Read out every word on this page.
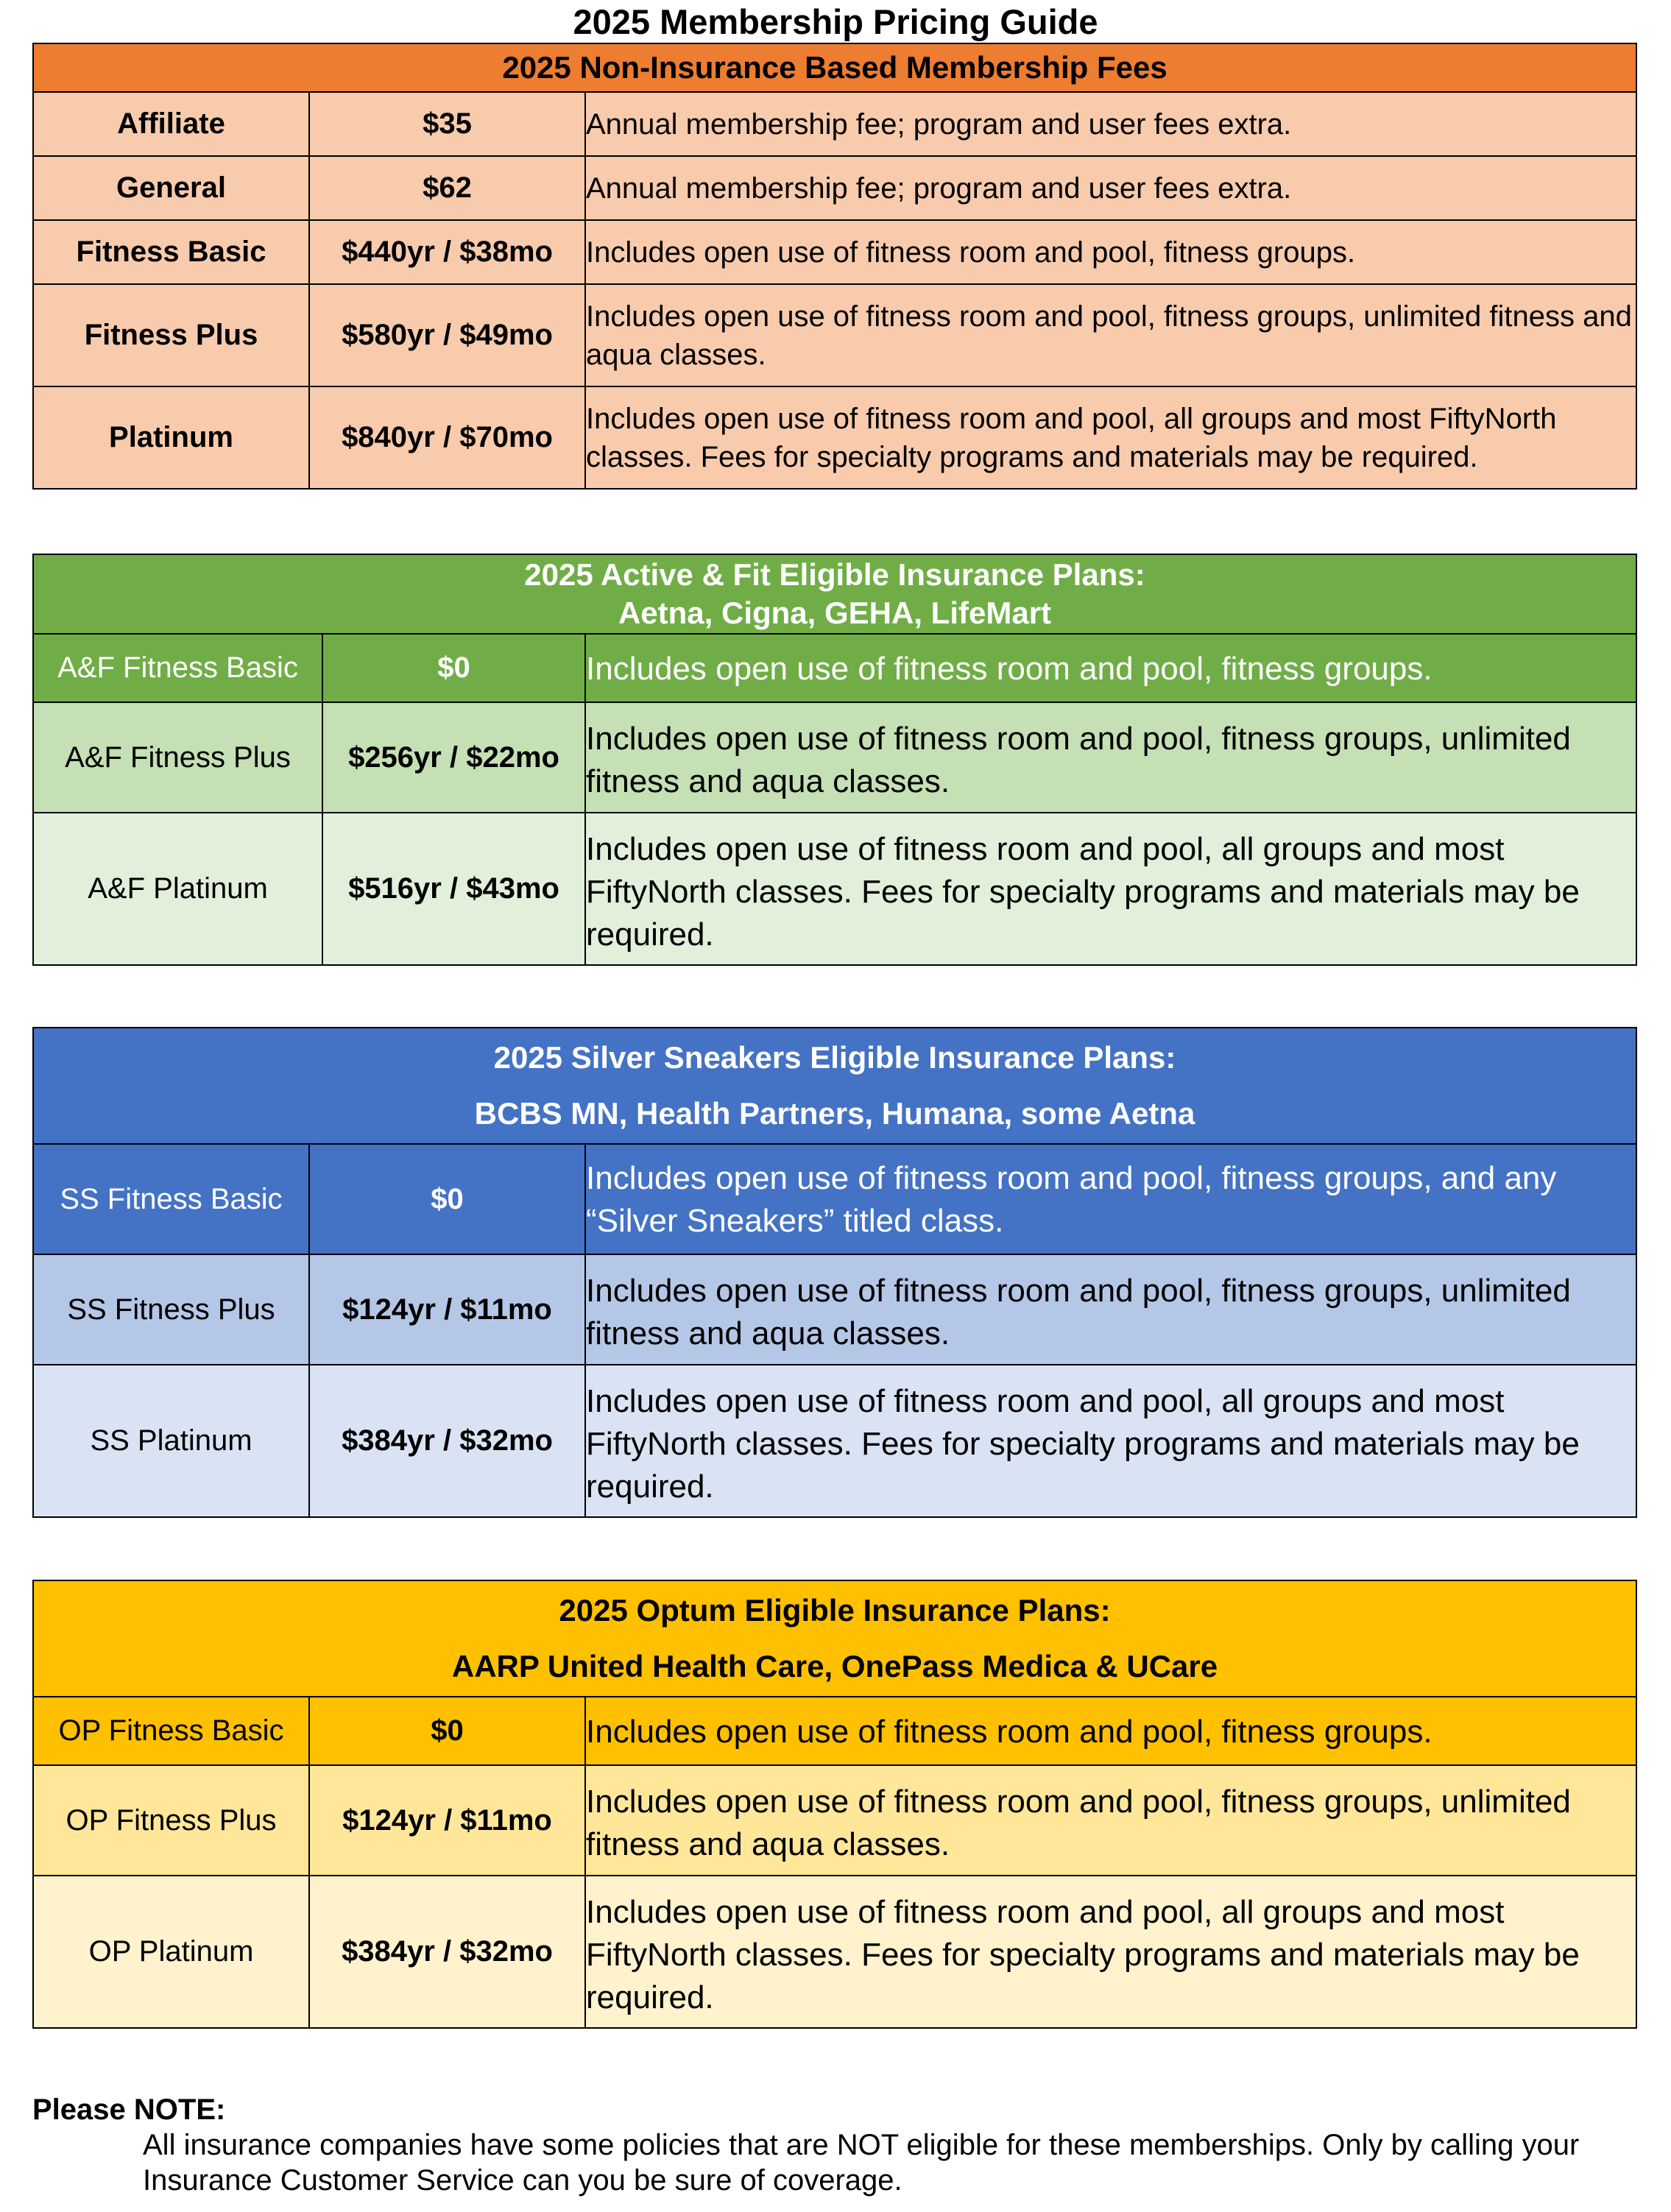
2025 Membership Pricing Guide
2025 Non-Insurance Based Membership Fees		
Affiliate	$35	Annual membership fee; program and user fees extra.
General	$62	Annual membership fee; program and user fees extra.
Fitness Basic	$440yr / $38mo	Includes open use of fitness room and pool, fitness groups.
Fitness Plus	$580yr / $49mo	Includes open use of fitness room and pool, fitness groups, unlimited fitness and aqua classes.
Platinum	$840yr / $70mo	Includes open use of fitness room and pool, all groups and most FiftyNorth classes. Fees for specialty programs and materials may be required.
2025 Active & Fit Eligible Insurance Plans:
Aetna, Cigna, GEHA, LifeMart		

A&F Fitness Basic	$0	Includes open use of fitness room and pool, fitness groups.
A&F Fitness Plus	$256yr / $22mo	Includes open use of fitness room and pool, fitness groups, unlimited fitness and aqua classes.
A&F Platinum	$516yr / $43mo	Includes open use of fitness room and pool, all groups and most FiftyNorth classes. Fees for specialty programs and materials may be required.
2025 Silver Sneakers Eligible Insurance Plans:
BCBS MN, Health Partners, Humana, some Aetna		

SS Fitness Basic	$0	Includes open use of fitness room and pool, fitness groups, and any “Silver Sneakers” titled class.
SS Fitness Plus	$124yr / $11mo	Includes open use of fitness room and pool, fitness groups, unlimited fitness and aqua classes.
SS Platinum	$384yr / $32mo	Includes open use of fitness room and pool, all groups and most FiftyNorth classes. Fees for specialty programs and materials may be required.
2025 Optum Eligible Insurance Plans:
AARP United Health Care, OnePass Medica & UCare		

OP Fitness Basic	$0	Includes open use of fitness room and pool, fitness groups.
OP Fitness Plus	$124yr / $11mo	Includes open use of fitness room and pool, fitness groups, unlimited fitness and aqua classes.
OP Platinum	$384yr / $32mo	Includes open use of fitness room and pool, all groups and most FiftyNorth classes. Fees for specialty programs and materials may be required.
Please NOTE:
All insurance companies have some policies that are NOT eligible for these memberships. Only by calling your Insurance Customer Service can you be sure of coverage.
